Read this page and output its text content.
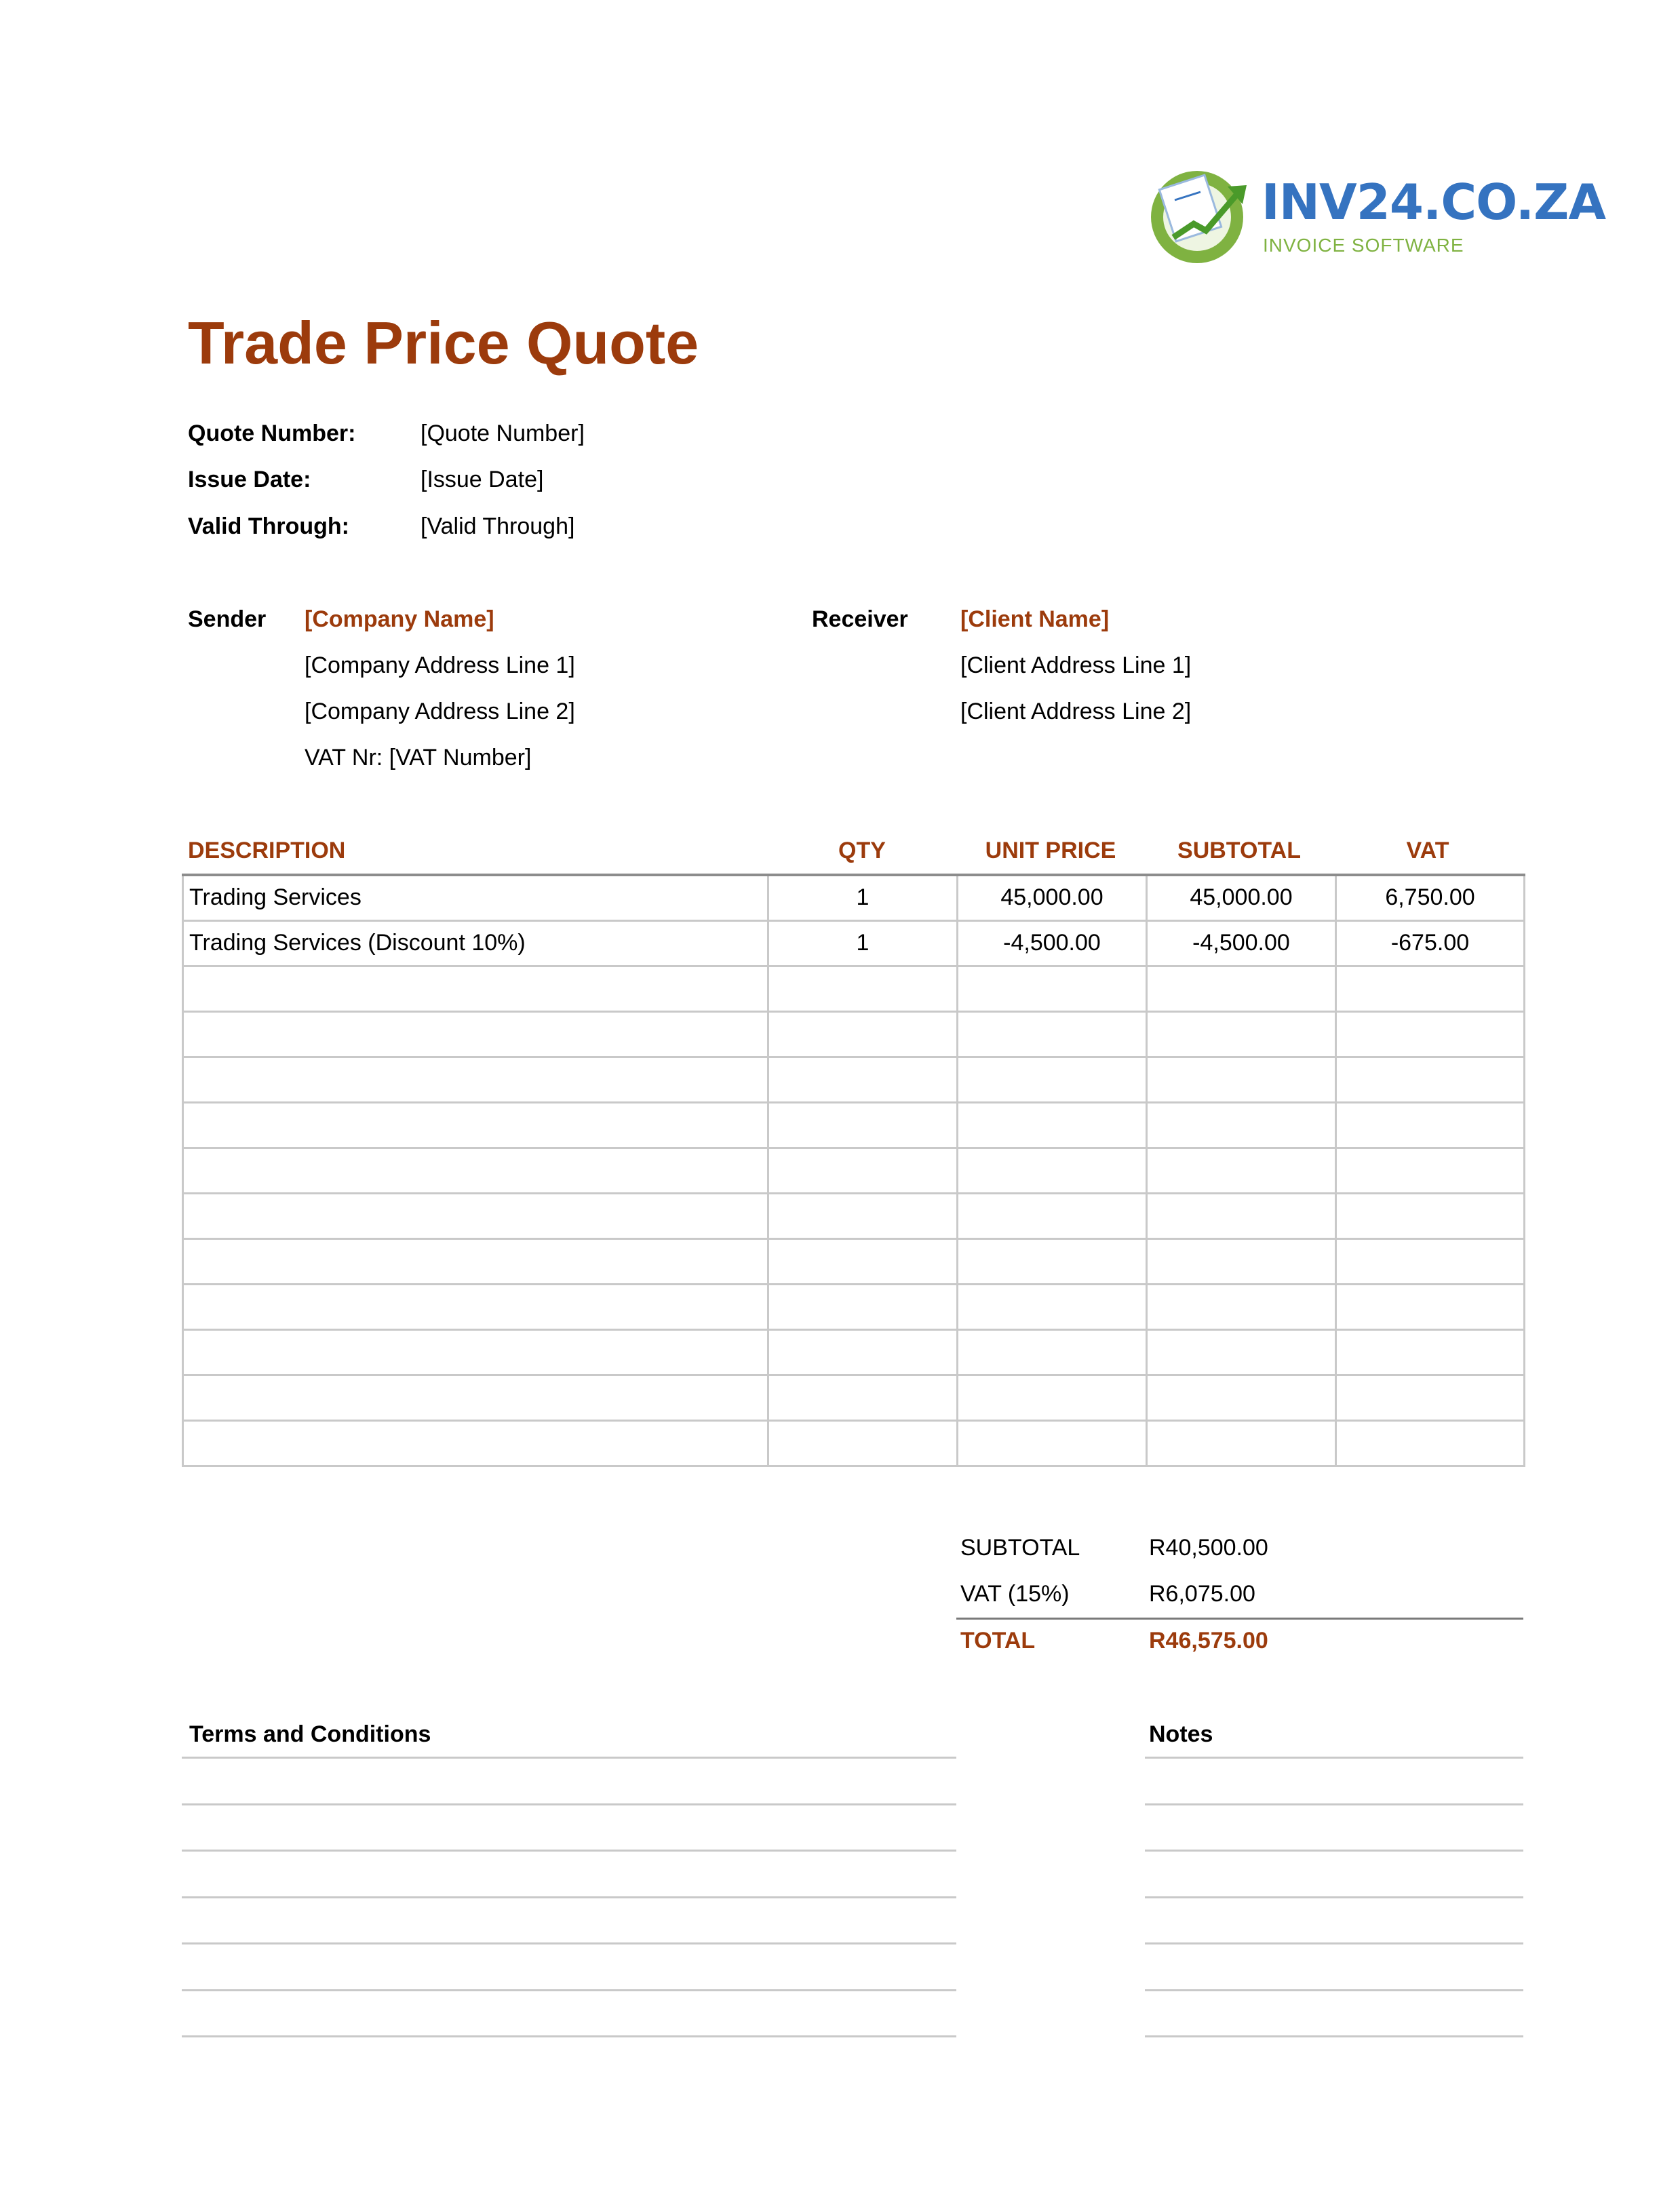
INV24.CO.ZA
INVOICE SOFTWARE
Trade Price Quote
Quote Number:	[Quote Number]
Issue Date:	[Issue Date]
Valid Through:	[Valid Through]
Sender [Company Name]
[Company Address Line 1]
[Company Address Line 2]
VAT Nr: [VAT Number]
Receiver [Client Name]
[Client Address Line 1]
[Client Address Line 2]
DESCRIPTION	QTY	UNIT PRICE	SUBTOTAL	VAT
Trading Services	1	45,000.00	45,000.00	6,750.00
Trading Services (Discount 10%)	1	-4,500.00	-4,500.00	-675.00

SUBTOTAL	R40,500.00
VAT (15%)	R6,075.00
TOTAL	R46,575.00
Terms and Conditions	Notes
